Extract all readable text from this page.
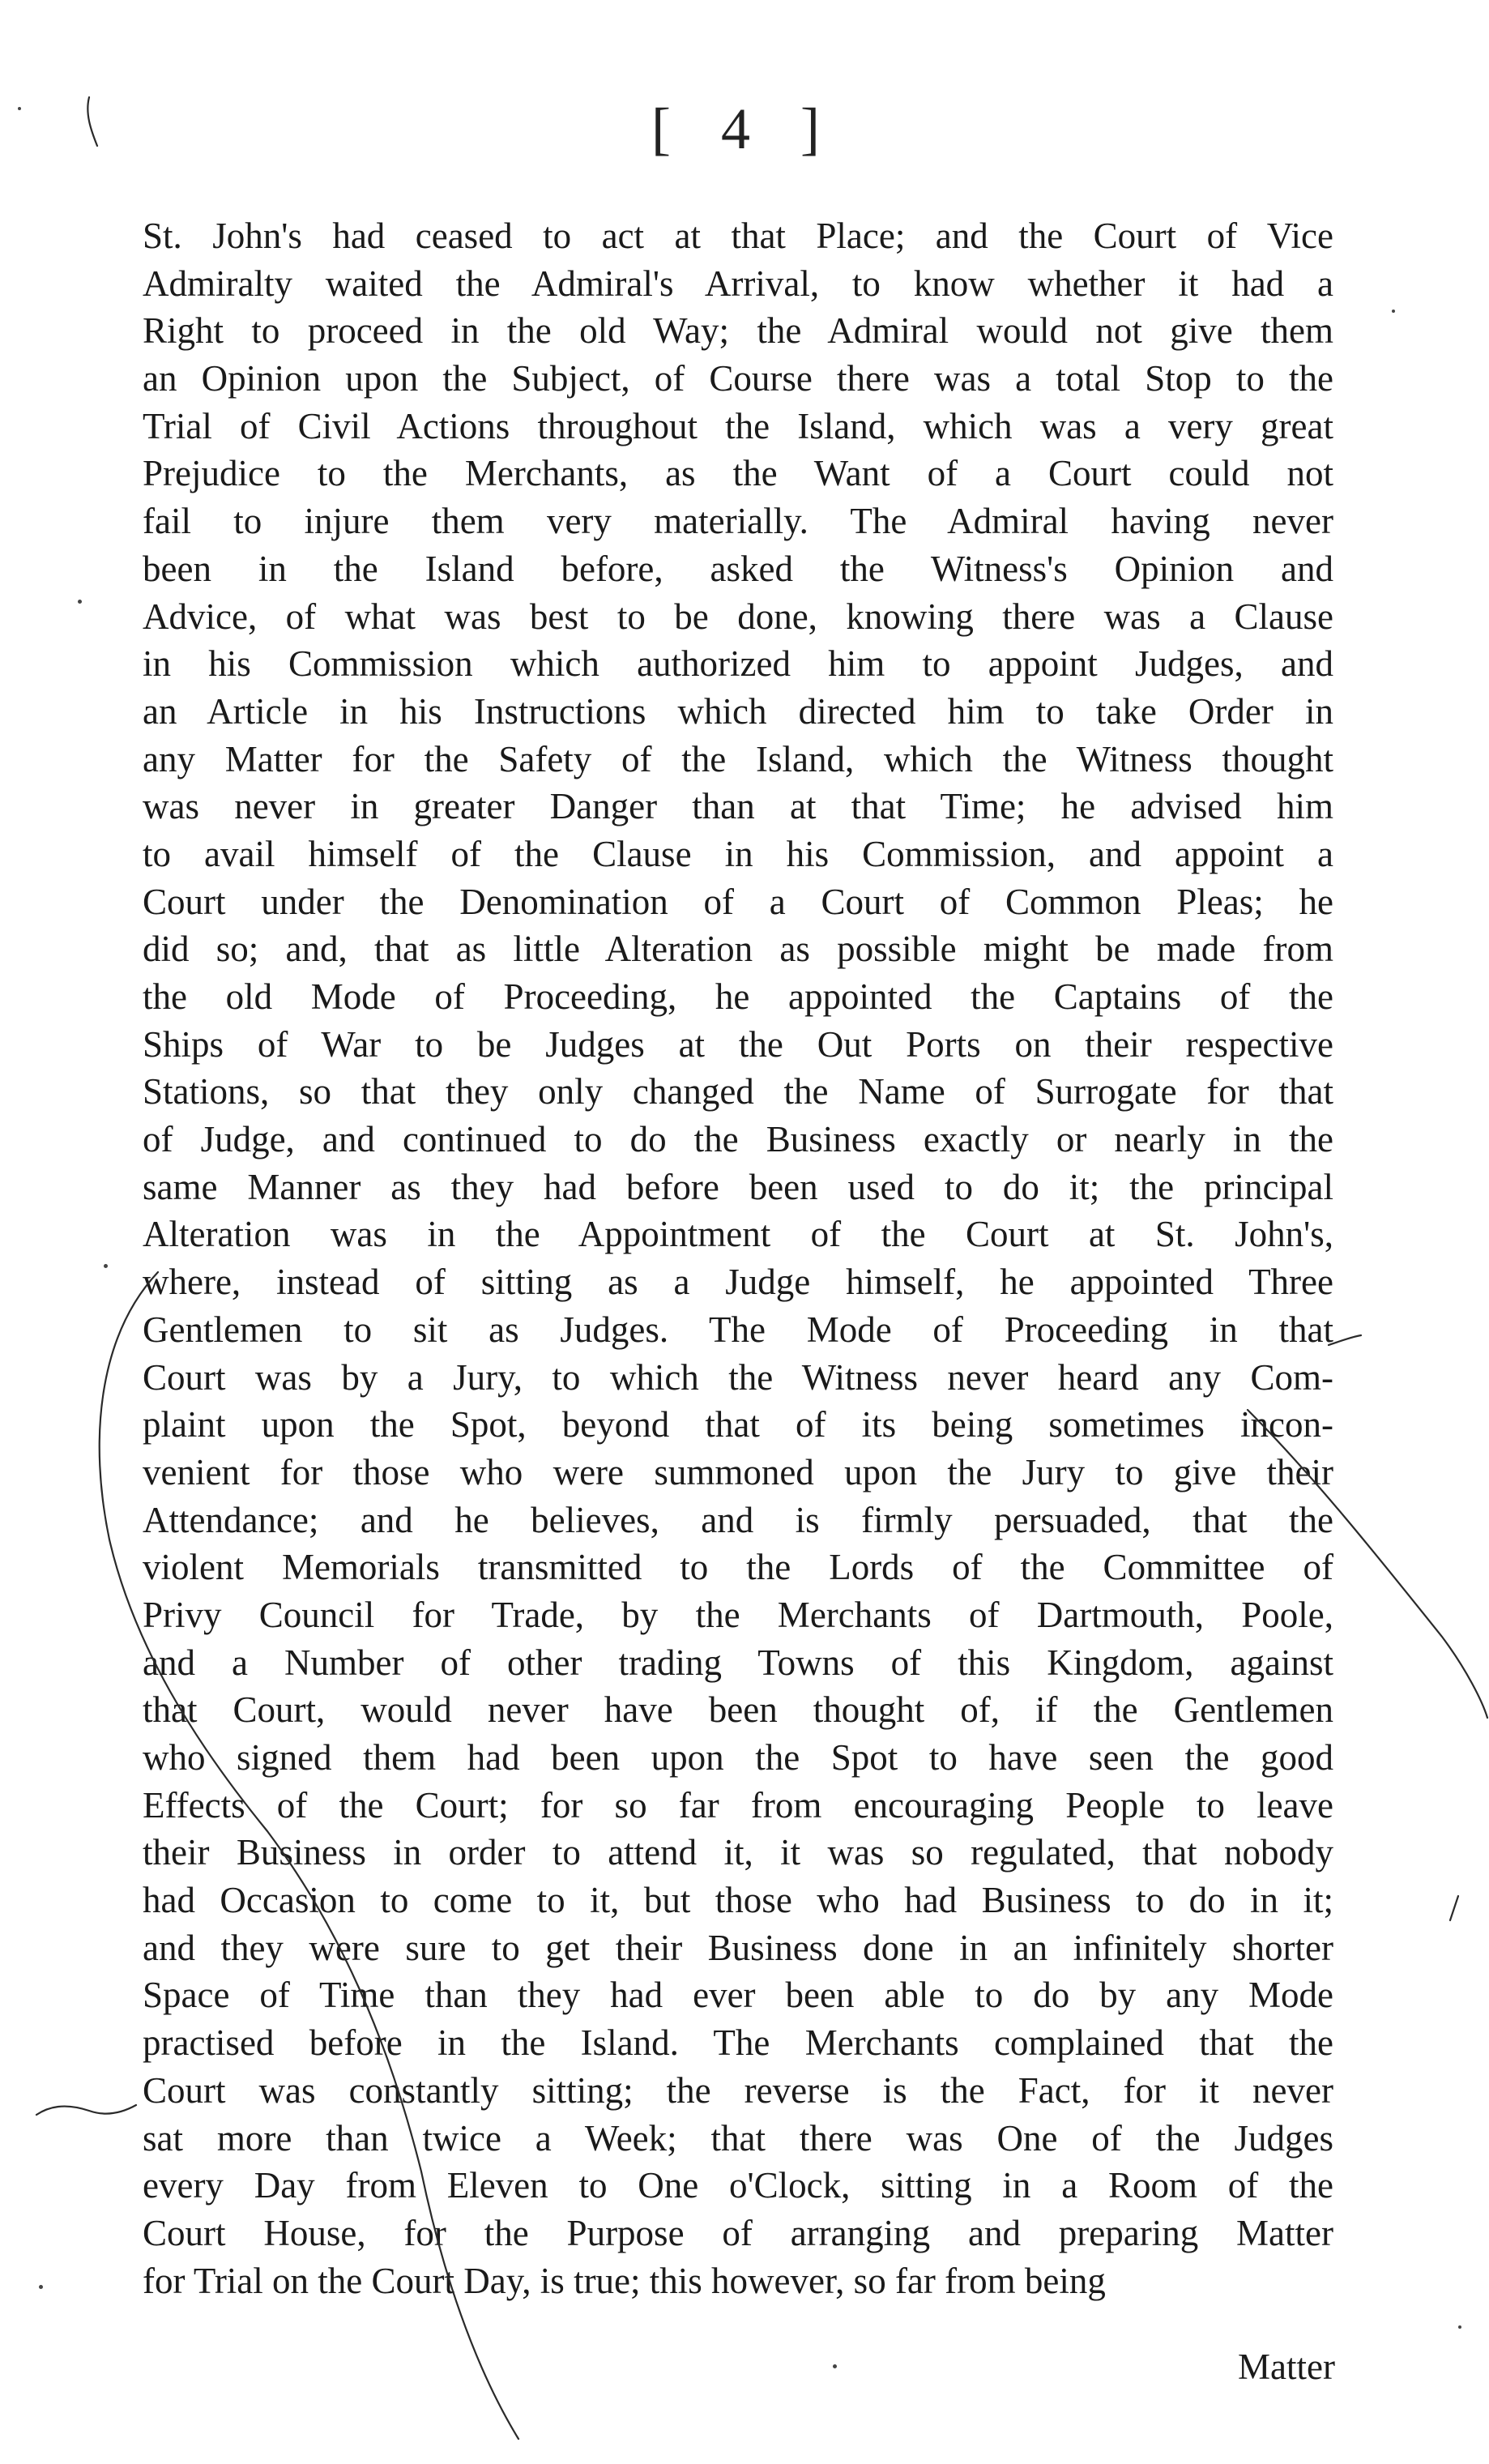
[ 4 ]
St. John's had ceased to act at that Place; and the Court of Vice
Admiralty waited the Admiral's Arrival, to know whether it had a
Right to proceed in the old Way; the Admiral would not give them
an Opinion upon the Subject, of Course there was a total Stop to the
Trial of Civil Actions throughout the Island, which was a very great
Prejudice to the Merchants, as the Want of a Court could not
fail to injure them very materially. The Admiral having never
been in the Island before, asked the Witness's Opinion and
Advice, of what was best to be done, knowing there was a Clause
in his Commission which authorized him to appoint Judges, and
an Article in his Instructions which directed him to take Order in
any Matter for the Safety of the Island, which the Witness thought
was never in greater Danger than at that Time; he advised him
to avail himself of the Clause in his Commission, and appoint a
Court under the Denomination of a Court of Common Pleas; he
did so; and, that as little Alteration as possible might be made from
the old Mode of Proceeding, he appointed the Captains of the
Ships of War to be Judges at the Out Ports on their respective
Stations, so that they only changed the Name of Surrogate for that
of Judge, and continued to do the Business exactly or nearly in the
same Manner as they had before been used to do it; the principal
Alteration was in the Appointment of the Court at St. John's,
where, instead of sitting as a Judge himself, he appointed Three
Gentlemen to sit as Judges. The Mode of Proceeding in that
Court was by a Jury, to which the Witness never heard any Com-
plaint upon the Spot, beyond that of its being sometimes incon-
venient for those who were summoned upon the Jury to give their
Attendance; and he believes, and is firmly persuaded, that the
violent Memorials transmitted to the Lords of the Committee of
Privy Council for Trade, by the Merchants of Dartmouth, Poole,
and a Number of other trading Towns of this Kingdom, against
that Court, would never have been thought of, if the Gentlemen
who signed them had been upon the Spot to have seen the good
Effects of the Court; for so far from encouraging People to leave
their Business in order to attend it, it was so regulated, that nobody
had Occasion to come to it, but those who had Business to do in it;
and they were sure to get their Business done in an infinitely shorter
Space of Time than they had ever been able to do by any Mode
practised before in the Island. The Merchants complained that the
Court was constantly sitting; the reverse is the Fact, for it never
sat more than twice a Week; that there was One of the Judges
every Day from Eleven to One o'Clock, sitting in a Room of the
Court House, for the Purpose of arranging and preparing Matter
for Trial on the Court Day, is true; this however, so far from being
Matter
